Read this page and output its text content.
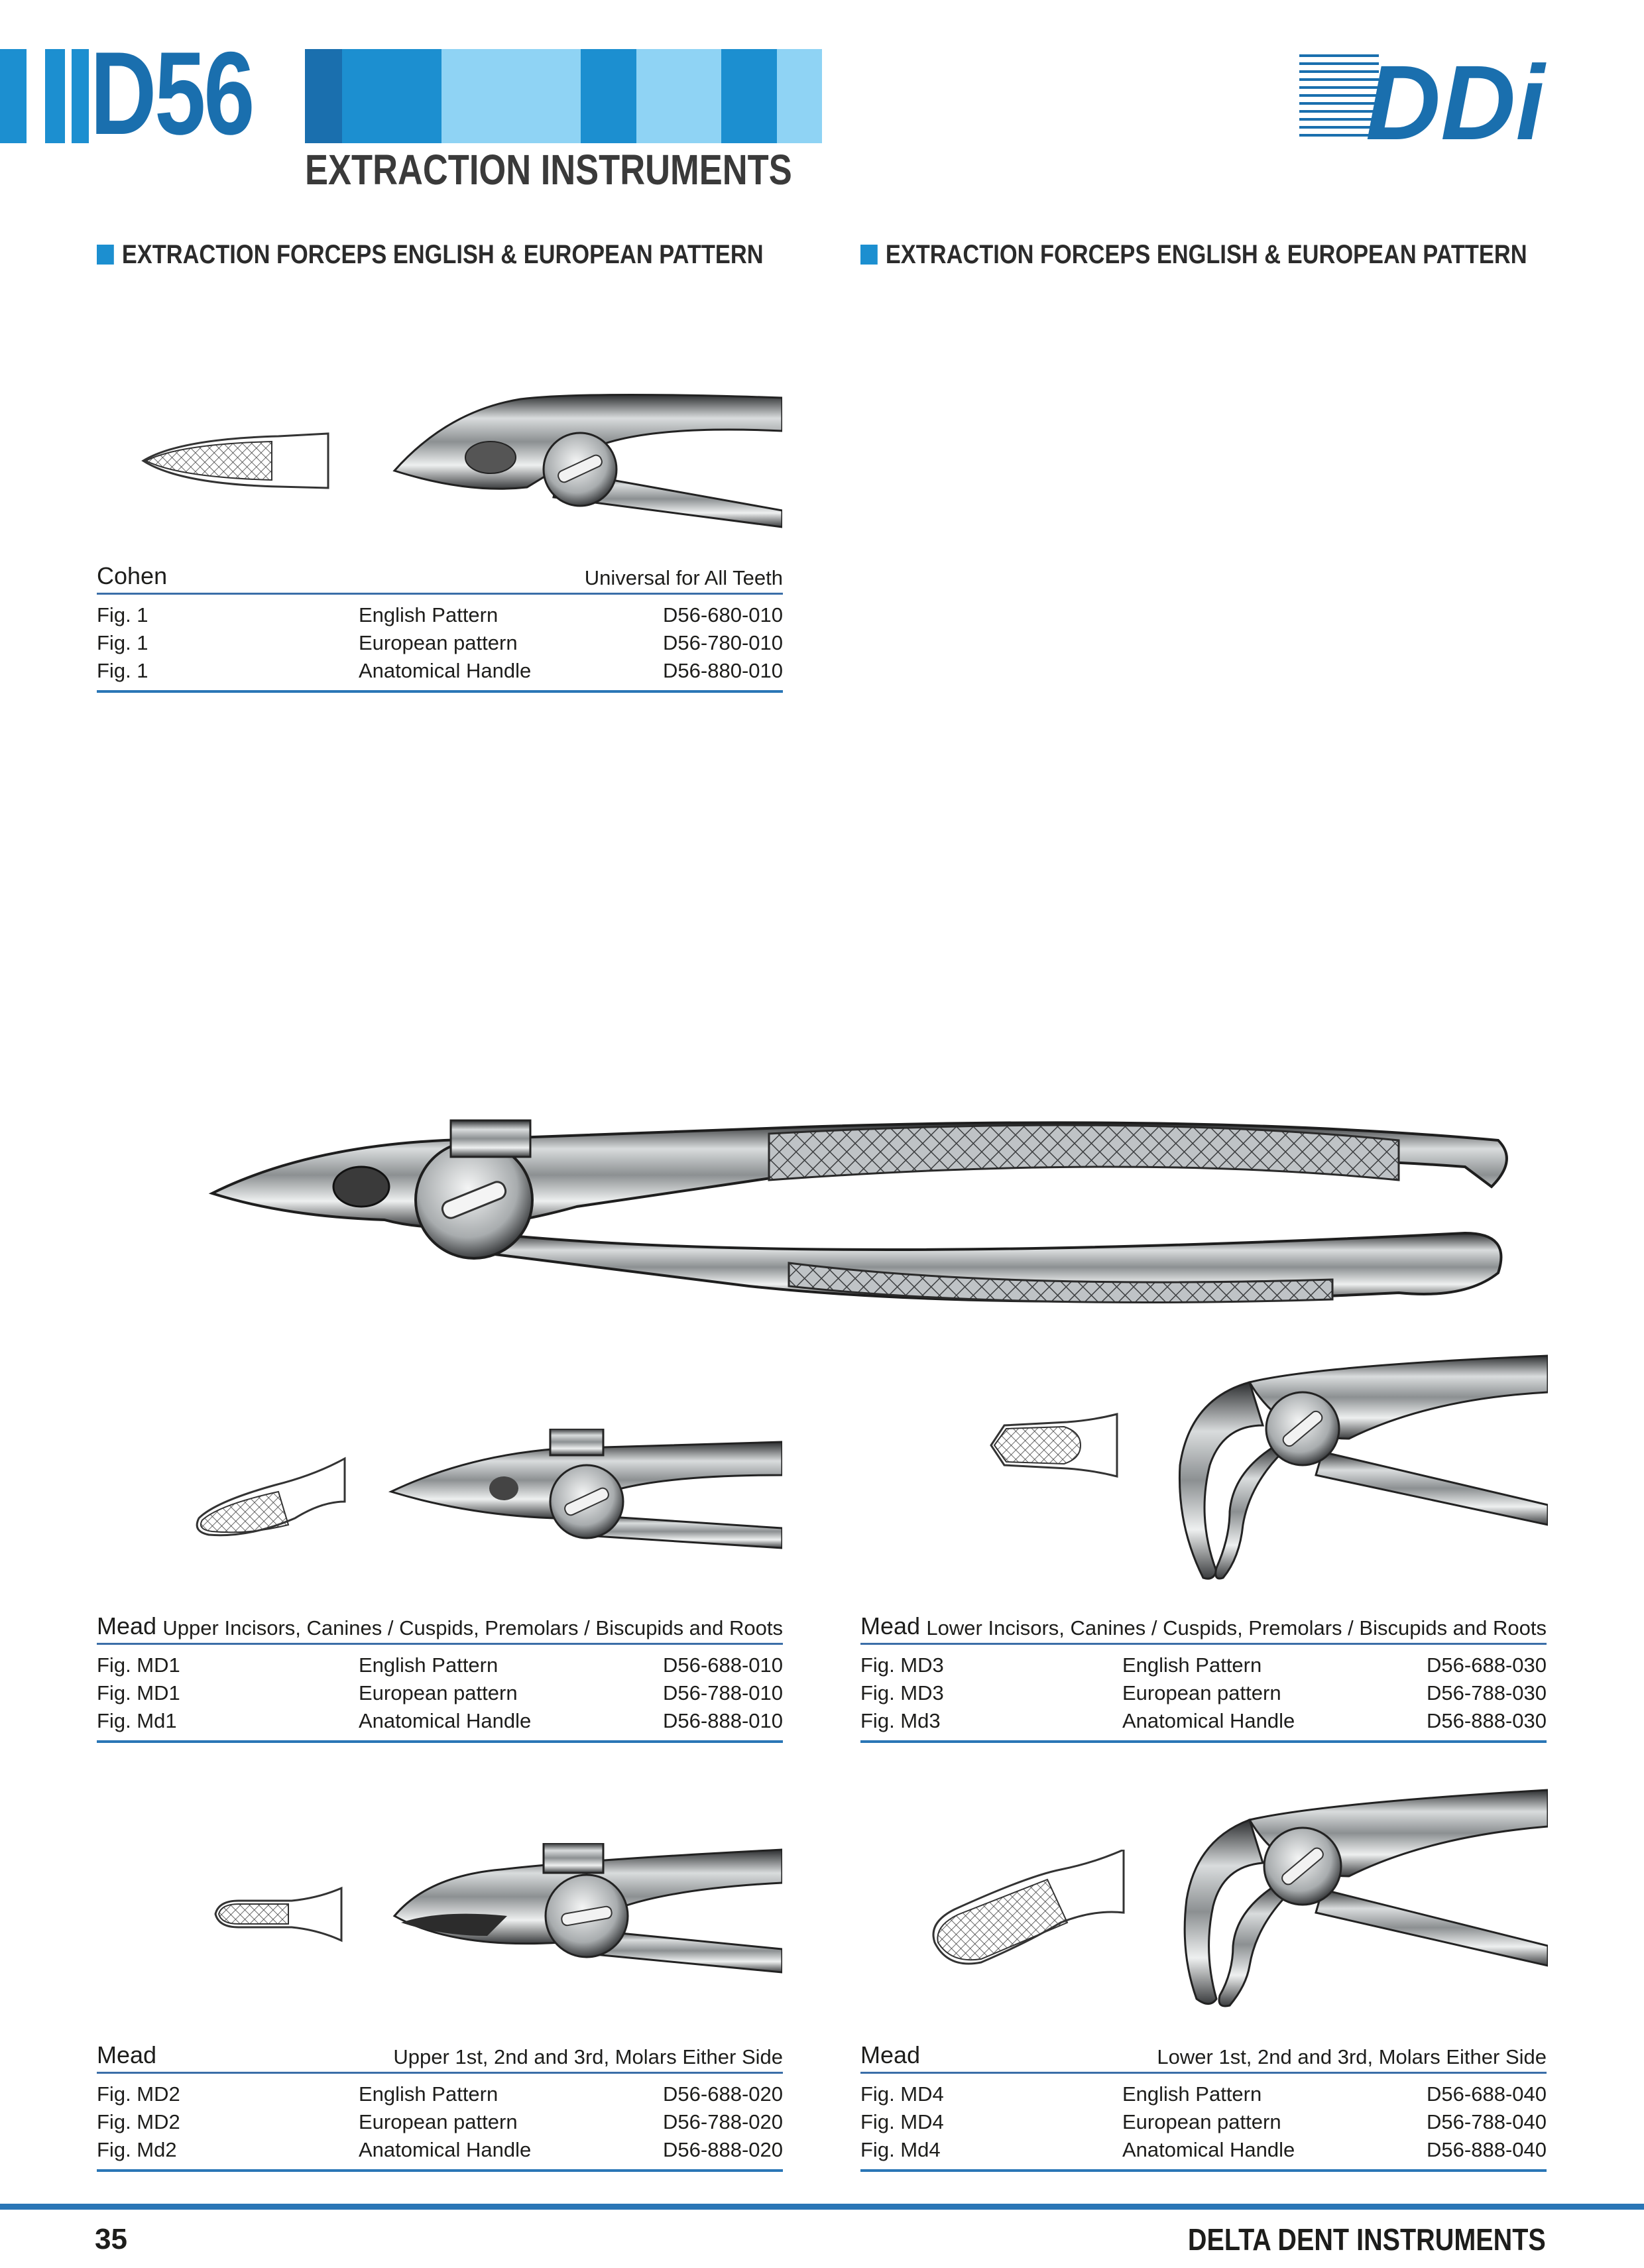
D56
EXTRACTION INSTRUMENTS
DDi
EXTRACTION FORCEPS ENGLISH & EUROPEAN PATTERN	EXTRACTION FORCEPS ENGLISH & EUROPEAN PATTERN
Cohen	Universal for All Teeth
Fig. 1	English Pattern	D56-680-010
Fig. 1	European pattern	D56-780-010
Fig. 1	Anatomical Handle	D56-880-010
Mead Upper Incisors, Canines / Cuspids, Premolars / Biscupids and Roots
Fig. MD1	English Pattern	D56-688-010
Fig. MD1	European pattern	D56-788-010
Fig. Md1	Anatomical Handle	D56-888-010
Mead Lower Incisors, Canines / Cuspids, Premolars / Biscupids and Roots
Fig. MD3	English Pattern	D56-688-030
Fig. MD3	European pattern	D56-788-030
Fig. Md3	Anatomical Handle	D56-888-030
Mead	Upper 1st, 2nd and 3rd, Molars Either Side
Fig. MD2	English Pattern	D56-688-020
Fig. MD2	European pattern	D56-788-020
Fig. Md2	Anatomical Handle	D56-888-020
Mead	Lower 1st, 2nd and 3rd, Molars Either Side
Fig. MD4	English Pattern	D56-688-040
Fig. MD4	European pattern	D56-788-040
Fig. Md4	Anatomical Handle	D56-888-040
35	DELTA DENT INSTRUMENTS
